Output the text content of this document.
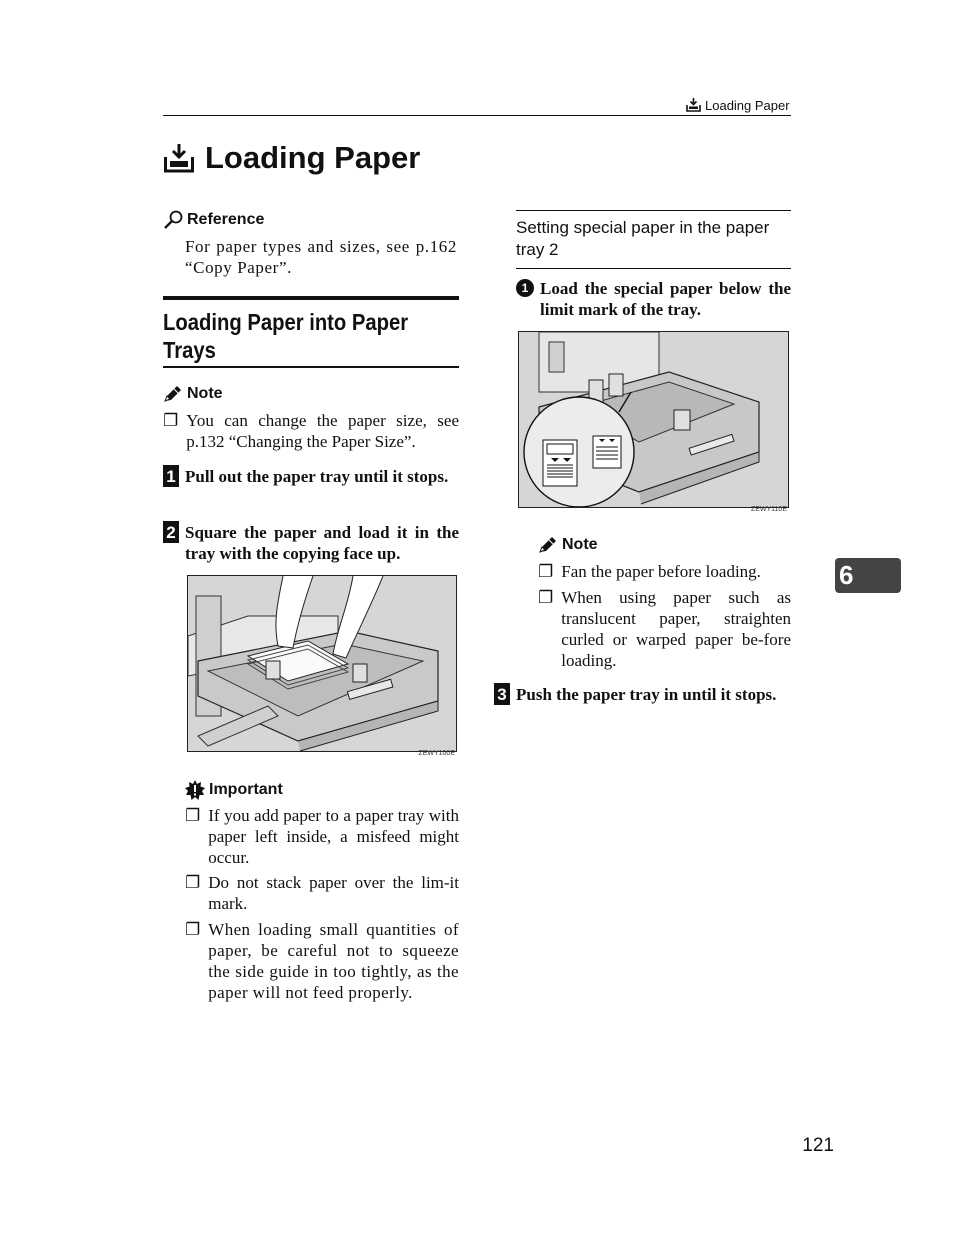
Loading Paper
Loading Paper
Reference
For paper types and sizes, see p.162 “Copy Paper”.
Loading Paper into Paper Trays
Note
❐ You can change the paper size, see p.132 “Changing the Paper Size”.
1 Pull out the paper tray until it stops.
2 Square the paper and load it in the tray with the copying face up.
ZEWY100E
Important
❐ If you add paper to a paper tray with paper left inside, a misfeed might occur.
❐ Do not stack paper over the lim-it mark.
❐ When loading small quantities of paper, be careful not to squeeze the side guide in too tightly, as the paper will not feed properly.
Setting special paper in the paper tray 2
1 Load the special paper below the limit mark of the tray.
ZEWY110E
Note
❐ Fan the paper before loading.
❐ When using paper such as translucent paper, straighten curled or warped paper be-fore loading.
3 Push the paper tray in until it stops.
6
121
